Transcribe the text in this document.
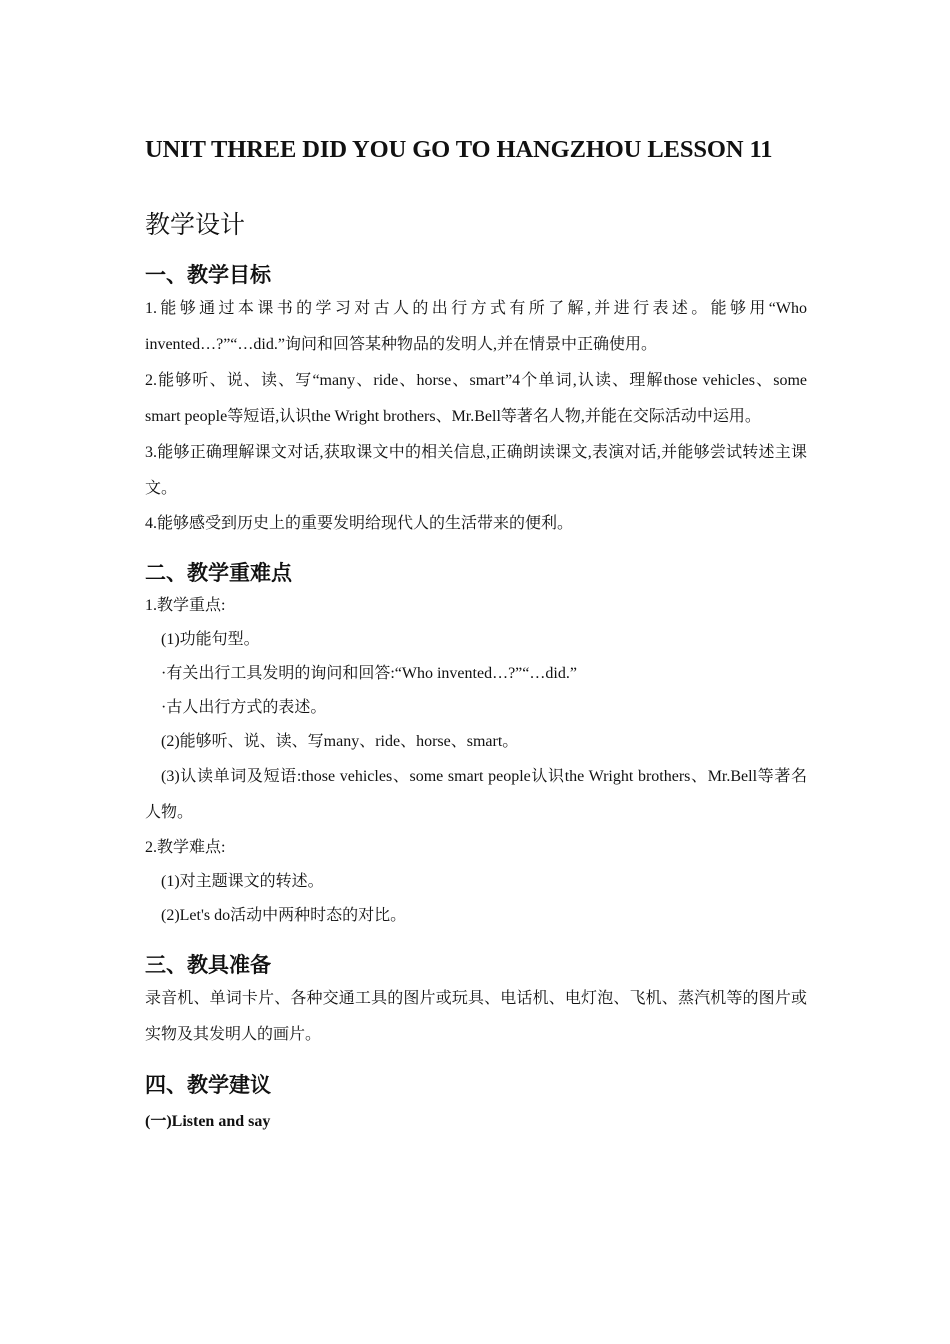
UNIT THREE DID YOU GO TO HANGZHOU LESSON 11
教学设计
一、教学目标

1.能够通过本课书的学习对古人的出行方式有所了解,并进行表述。能够用“Who invented…?”“…did.”询问和回答某种物品的发明人,并在情景中正确使用。

2.能够听、说、读、写“many、ride、horse、smart”4个单词,认读、理解those vehicles、some smart people等短语,认识the Wright brothers、Mr.Bell等著名人物,并能在交际活动中运用。

3.能够正确理解课文对话,获取课文中的相关信息,正确朗读课文,表演对话,并能够尝试转述主课文。

4.能够感受到历史上的重要发明给现代人的生活带来的便利。

二、教学重难点

1.教学重点:

(1)功能句型。

·有关出行工具发明的询问和回答:“Who invented…?”“…did.”

·古人出行方式的表述。

(2)能够听、说、读、写many、ride、horse、smart。

(3)认读单词及短语:those vehicles、some smart people认识the Wright brothers、Mr.Bell等著名人物。

2.教学难点:

(1)对主题课文的转述。

(2)Let's do活动中两种时态的对比。

三、教具准备

录音机、单词卡片、各种交通工具的图片或玩具、电话机、电灯泡、飞机、蒸汽机等的图片或实物及其发明人的画片。

四、教学建议

(一)Listen and say
